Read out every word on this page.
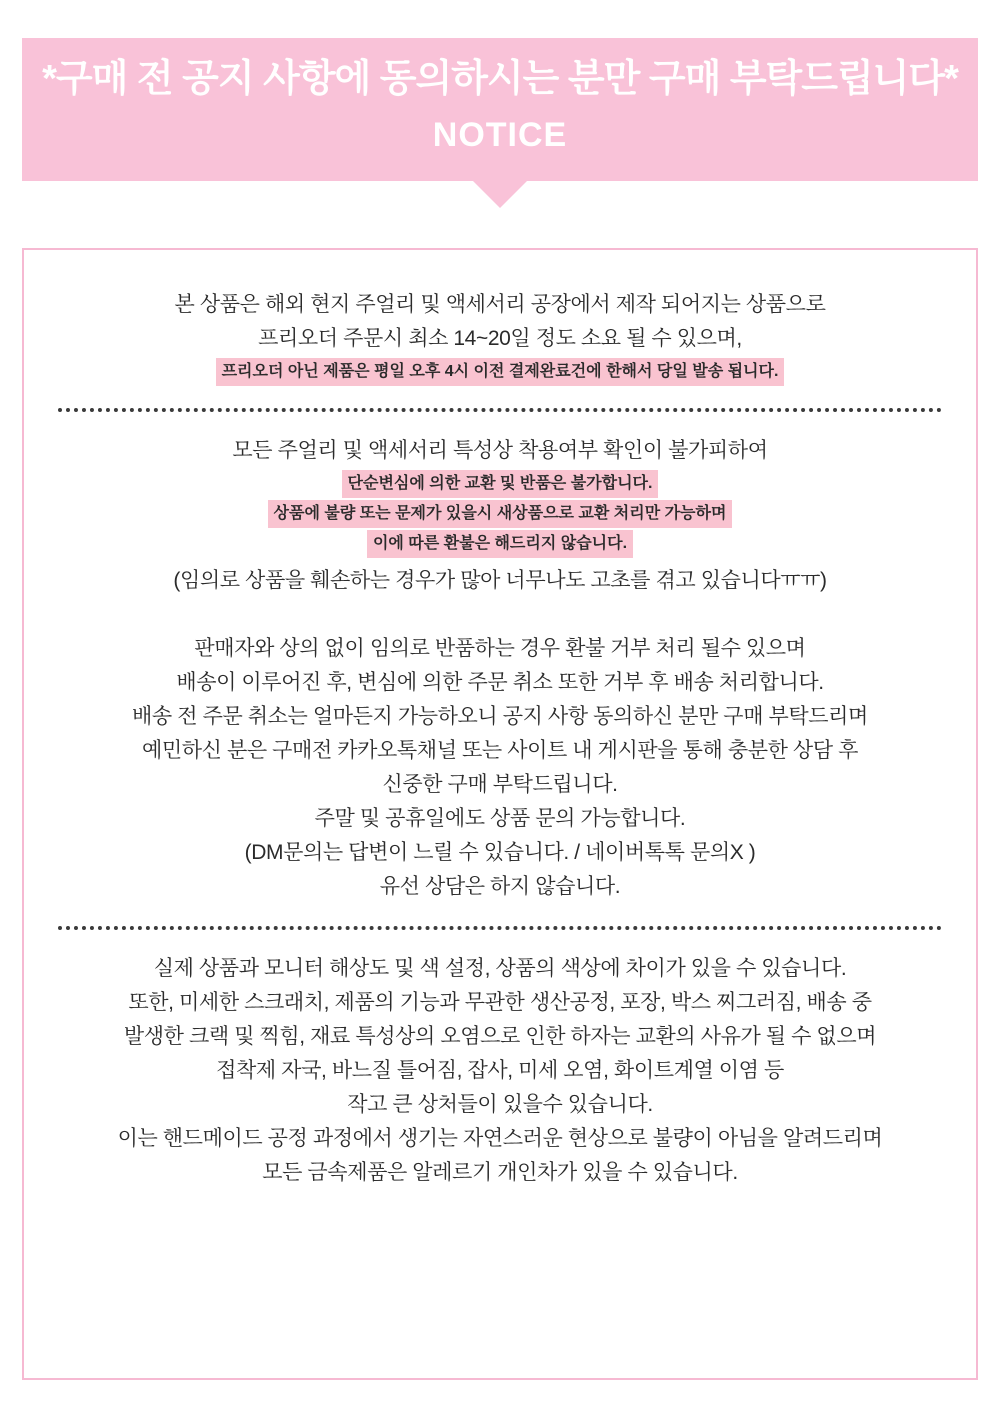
*구매 전 공지 사항에 동의하시는 분만 구매 부탁드립니다*
NOTICE
본 상품은 해외 현지 주얼리 및 액세서리 공장에서 제작 되어지는 상품으로
프리오더 주문시 최소 14~20일 정도 소요 될 수 있으며,
프리오더 아닌 제품은 평일 오후 4시 이전 결제완료건에 한해서 당일 발송 됩니다.
모든 주얼리 및 액세서리 특성상 착용여부 확인이 불가피하여
단순변심에 의한 교환 및 반품은 불가합니다.
상품에 불량 또는 문제가 있을시 새상품으로 교환 처리만 가능하며
이에 따른 환불은 해드리지 않습니다.
(임의로 상품을 훼손하는 경우가 많아 너무나도 고초를 겪고 있습니다ㅠㅠ)
판매자와 상의 없이 임의로 반품하는 경우 환불 거부 처리 될수 있으며
배송이 이루어진 후, 변심에 의한 주문 취소 또한 거부 후 배송 처리합니다.
배송 전 주문 취소는 얼마든지 가능하오니 공지 사항 동의하신 분만 구매 부탁드리며
예민하신 분은 구매전 카카오톡채널 또는 사이트 내 게시판을 통해 충분한 상담 후
신중한 구매 부탁드립니다.
주말 및 공휴일에도 상품 문의 가능합니다.
(DM문의는 답변이 느릴 수 있습니다. / 네이버톡톡 문의X )
유선 상담은 하지 않습니다.
실제 상품과 모니터 해상도 및 색 설정, 상품의 색상에 차이가 있을 수 있습니다.
또한, 미세한 스크래치, 제품의 기능과 무관한 생산공정, 포장, 박스 찌그러짐, 배송 중
발생한 크랙 및 찍힘, 재료 특성상의 오염으로 인한 하자는 교환의 사유가 될 수 없으며
접착제 자국, 바느질 틀어짐, 잡사, 미세 오염, 화이트계열 이염 등
작고 큰 상처들이 있을수 있습니다.
이는 핸드메이드 공정 과정에서 생기는 자연스러운 현상으로 불량이 아님을 알려드리며
모든 금속제품은 알레르기 개인차가 있을 수 있습니다.
